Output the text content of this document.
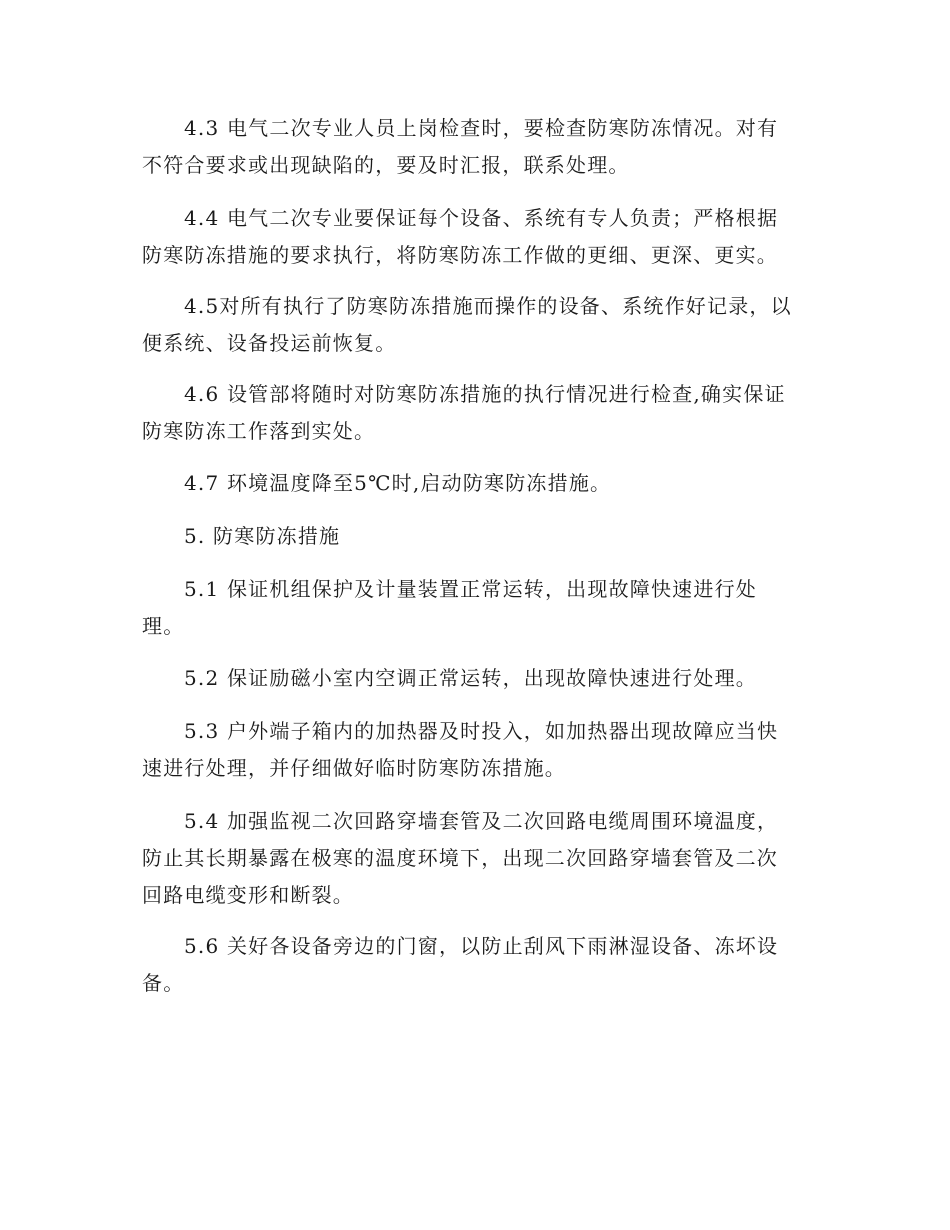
4.3 电气二次专业人员上岗检查时，要检查防寒防冻情况。对有
不符合要求或出现缺陷的，要及时汇报，联系处理。
4.4 电气二次专业要保证每个设备、系统有专人负责；严格根据
防寒防冻措施的要求执行，将防寒防冻工作做的更细、更深、更实。
4.5对所有执行了防寒防冻措施而操作的设备、系统作好记录，以
便系统、设备投运前恢复。
4.6 设管部将随时对防寒防冻措施的执行情况进行检查,确实保证
防寒防冻工作落到实处。
4.7 环境温度降至5℃时,启动防寒防冻措施。
5. 防寒防冻措施
5.1 保证机组保护及计量装置正常运转，出现故障快速进行处
理。
5.2 保证励磁小室内空调正常运转，出现故障快速进行处理。
5.3 户外端子箱内的加热器及时投入，如加热器出现故障应当快
速进行处理，并仔细做好临时防寒防冻措施。
5.4 加强监视二次回路穿墙套管及二次回路电缆周围环境温度，
防止其长期暴露在极寒的温度环境下，出现二次回路穿墙套管及二次
回路电缆变形和断裂。
5.6 关好各设备旁边的门窗，以防止刮风下雨淋湿设备、冻坏设
备。
